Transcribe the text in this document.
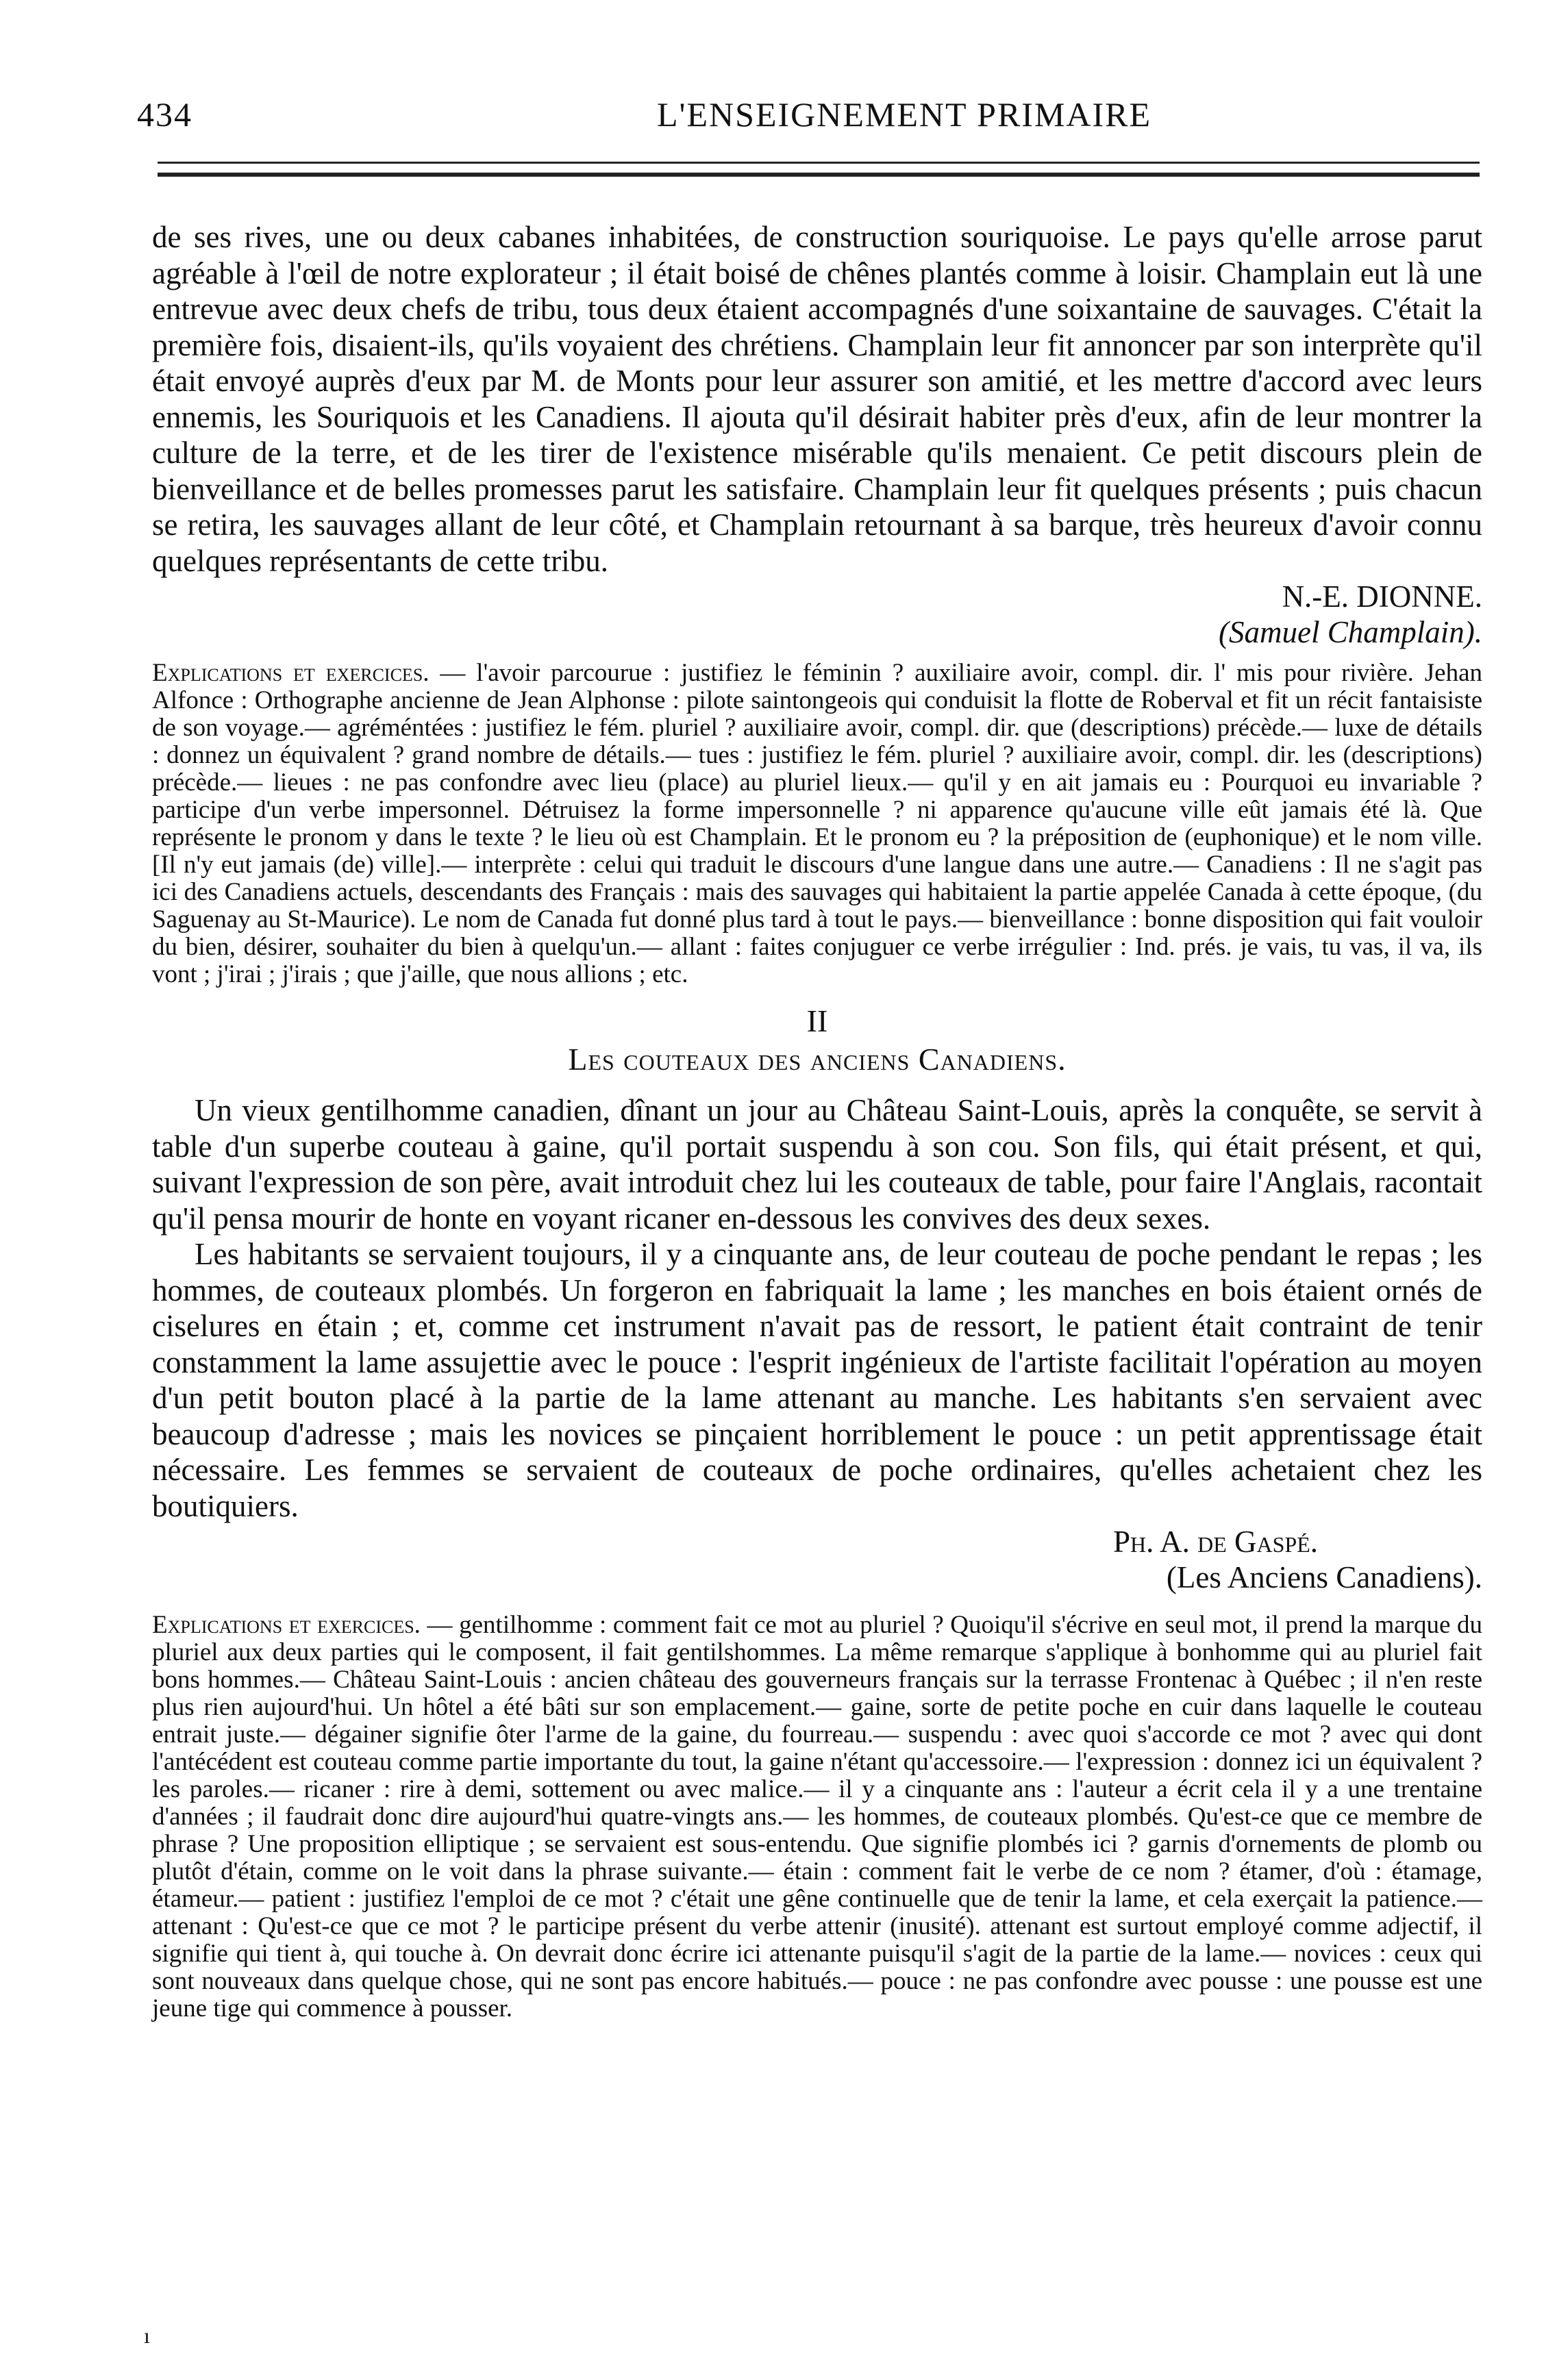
434	L'ENSEIGNEMENT PRIMAIRE

de ses rives, une ou deux cabanes inhabitées, de construction souriquoise. Le pays qu'elle arrose parut agréable à l'œil de notre explorateur ; il était boisé de chênes plantés comme à loisir. Champlain eut là une entrevue avec deux chefs de tribu, tous deux étaient accompagnés d'une soixantaine de sauvages. C'était la première fois, disaient-ils, qu'ils voyaient des chrétiens. Champlain leur fit annoncer par son interprète qu'il était envoyé auprès d'eux par M. de Monts pour leur assurer son amitié, et les mettre d'accord avec leurs ennemis, les Souriquois et les Canadiens. Il ajouta qu'il désirait habiter près d'eux, afin de leur montrer la culture de la terre, et de les tirer de l'existence misérable qu'ils menaient. Ce petit discours plein de bienveillance et de belles promesses parut les satisfaire. Champlain leur fit quelques présents ; puis chacun se retira, les sauvages allant de leur côté, et Champlain retournant à sa barque, très heureux d'avoir connu quelques représentants de cette tribu.

N.-E. DIONNE.

(Samuel Champlain).

Explications et exercices. — l'avoir parcourue : justifiez le féminin ? auxiliaire avoir, compl. dir. l' mis pour rivière. Jehan Alfonce : Orthographe ancienne de Jean Alphonse : pilote saintongeois qui conduisit la flotte de Roberval et fit un récit fantaisiste de son voyage.— agréméntées : justifiez le fém. pluriel ? auxiliaire avoir, compl. dir. que (descriptions) précède.— luxe de détails : donnez un équivalent ? grand nombre de détails.— tues : justifiez le fém. pluriel ? auxiliaire avoir, compl. dir. les (descriptions) précède.— lieues : ne pas confondre avec lieu (place) au pluriel lieux.— qu'il y en ait jamais eu : Pourquoi eu invariable ? participe d'un verbe impersonnel. Détruisez la forme impersonnelle ? ni apparence qu'aucune ville eût jamais été là. Que représente le pronom y dans le texte ? le lieu où est Champlain. Et le pronom eu ? la préposition de (euphonique) et le nom ville. [Il n'y eut jamais (de) ville].— interprète : celui qui traduit le discours d'une langue dans une autre.— Canadiens : Il ne s'agit pas ici des Canadiens actuels, descendants des Français : mais des sauvages qui habitaient la partie appelée Canada à cette époque, (du Saguenay au St-Maurice). Le nom de Canada fut donné plus tard à tout le pays.— bienveillance : bonne disposition qui fait vouloir du bien, désirer, souhaiter du bien à quelqu'un.— allant : faites conjuguer ce verbe irrégulier : Ind. prés. je vais, tu vas, il va, ils vont ; j'irai ; j'irais ; que j'aille, que nous allions ; etc.

II

Les couteaux des anciens Canadiens.

Un vieux gentilhomme canadien, dînant un jour au Château Saint-Louis, après la conquête, se servit à table d'un superbe couteau à gaine, qu'il portait suspendu à son cou. Son fils, qui était présent, et qui, suivant l'expression de son père, avait introduit chez lui les couteaux de table, pour faire l'Anglais, racontait qu'il pensa mourir de honte en voyant ricaner en-dessous les convives des deux sexes.

Les habitants se servaient toujours, il y a cinquante ans, de leur couteau de poche pendant le repas ; les hommes, de couteaux plombés. Un forgeron en fabriquait la lame ; les manches en bois étaient ornés de ciselures en étain ; et, comme cet instrument n'avait pas de ressort, le patient était contraint de tenir constamment la lame assujettie avec le pouce : l'esprit ingénieux de l'artiste facilitait l'opération au moyen d'un petit bouton placé à la partie de la lame attenant au manche. Les habitants s'en servaient avec beaucoup d'adresse ; mais les novices se pinçaient horriblement le pouce : un petit apprentissage était nécessaire. Les femmes se servaient de couteaux de poche ordinaires, qu'elles achetaient chez les boutiquiers.

Ph. A. de Gaspé.

(Les Anciens Canadiens).

Explications et exercices. — gentilhomme : comment fait ce mot au pluriel ? Quoiqu'il s'écrive en seul mot, il prend la marque du pluriel aux deux parties qui le composent, il fait gentilshommes. La même remarque s'applique à bonhomme qui au pluriel fait bons hommes.— Château Saint-Louis : ancien château des gouverneurs français sur la terrasse Frontenac à Québec ; il n'en reste plus rien aujourd'hui. Un hôtel a été bâti sur son emplacement.— gaine, sorte de petite poche en cuir dans laquelle le couteau entrait juste.— dégainer signifie ôter l'arme de la gaine, du fourreau.— suspendu : avec quoi s'accorde ce mot ? avec qui dont l'antécédent est couteau comme partie importante du tout, la gaine n'étant qu'accessoire.— l'expression : donnez ici un équivalent ? les paroles.— ricaner : rire à demi, sottement ou avec malice.— il y a cinquante ans : l'auteur a écrit cela il y a une trentaine d'années ; il faudrait donc dire aujourd'hui quatre-vingts ans.— les hommes, de couteaux plombés. Qu'est-ce que ce membre de phrase ? Une proposition elliptique ; se servaient est sous-entendu. Que signifie plombés ici ? garnis d'ornements de plomb ou plutôt d'étain, comme on le voit dans la phrase suivante.— étain : comment fait le verbe de ce nom ? étamer, d'où : étamage, étameur.— patient : justifiez l'emploi de ce mot ? c'était une gêne continuelle que de tenir la lame, et cela exerçait la patience.— attenant : Qu'est-ce que ce mot ? le participe présent du verbe attenir (inusité). attenant est surtout employé comme adjectif, il signifie qui tient à, qui touche à. On devrait donc écrire ici attenante puisqu'il s'agit de la partie de la lame.— novices : ceux qui sont nouveaux dans quelque chose, qui ne sont pas encore habitués.— pouce : ne pas confondre avec pousse : une pousse est une jeune tige qui commence à pousser.

ı
